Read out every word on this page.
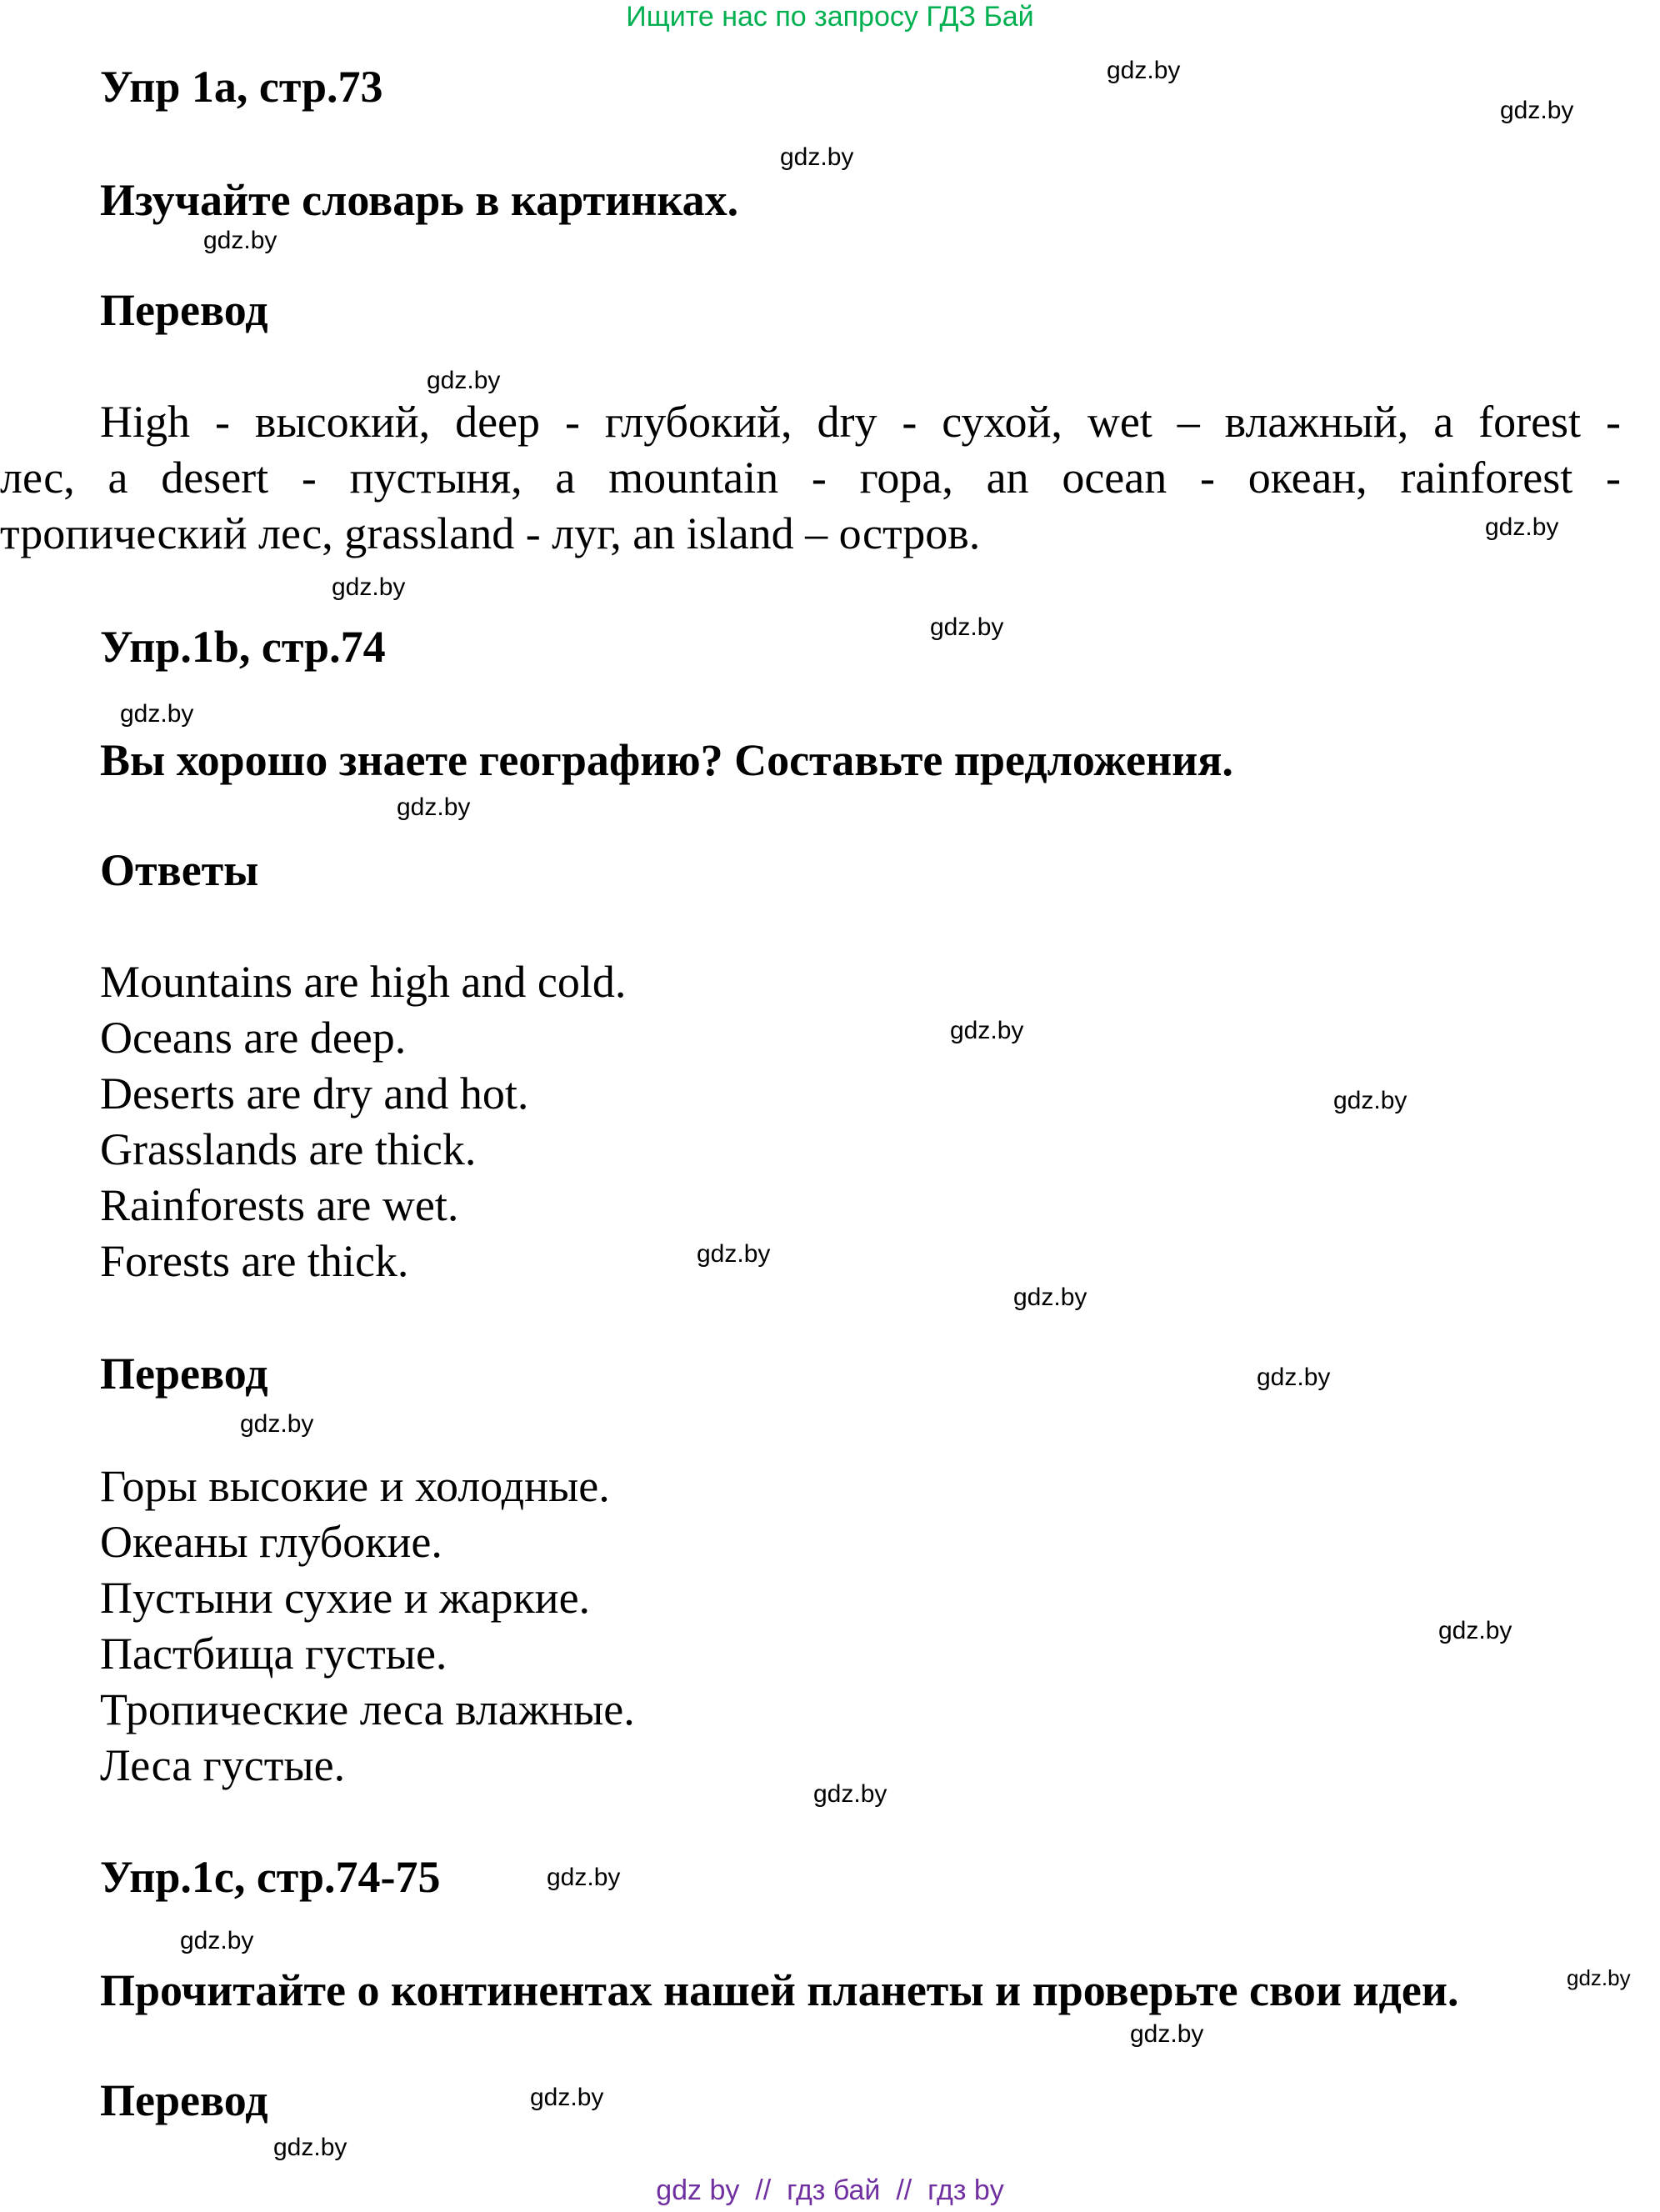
Ищите нас по запросу ГДЗ Бай
Упр 1a, стр.73
Изучайте словарь в картинках.
Перевод
High - высокий, deep - глубокий, dry - сухой, wet – влажный, a forest -
лес, a desert - пустыня, a mountain - гора, an ocean - океан, rainforest -
тропический лес, grassland - луг, an island – остров.
Упр.1b, стр.74
Вы хорошо знаете географию? Составьте предложения.
Ответы
Mountains are high and cold.
Oceans are deep.
Deserts are dry and hot.
Grasslands are thick.
Rainforests are wet.
Forests are thick.
Перевод
Горы высокие и холодные.
Океаны глубокие.
Пустыни сухие и жаркие.
Пастбища густые.
Тропические леса влажные.
Леса густые.
Упр.1c, стр.74-75
Прочитайте о континентах нашей планеты и проверьте свои идеи.
Перевод
gdz.by
gdz.by
gdz.by
gdz.by
gdz.by
gdz.by
gdz.by
gdz.by
gdz.by
gdz.by
gdz.by
gdz.by
gdz.by
gdz.by
gdz.by
gdz.by
gdz.by
gdz.by
gdz.by
gdz.by
gdz.by
gdz.by
gdz.by
gdz.by
gdz by  //  гдз бай  //  гдз by
